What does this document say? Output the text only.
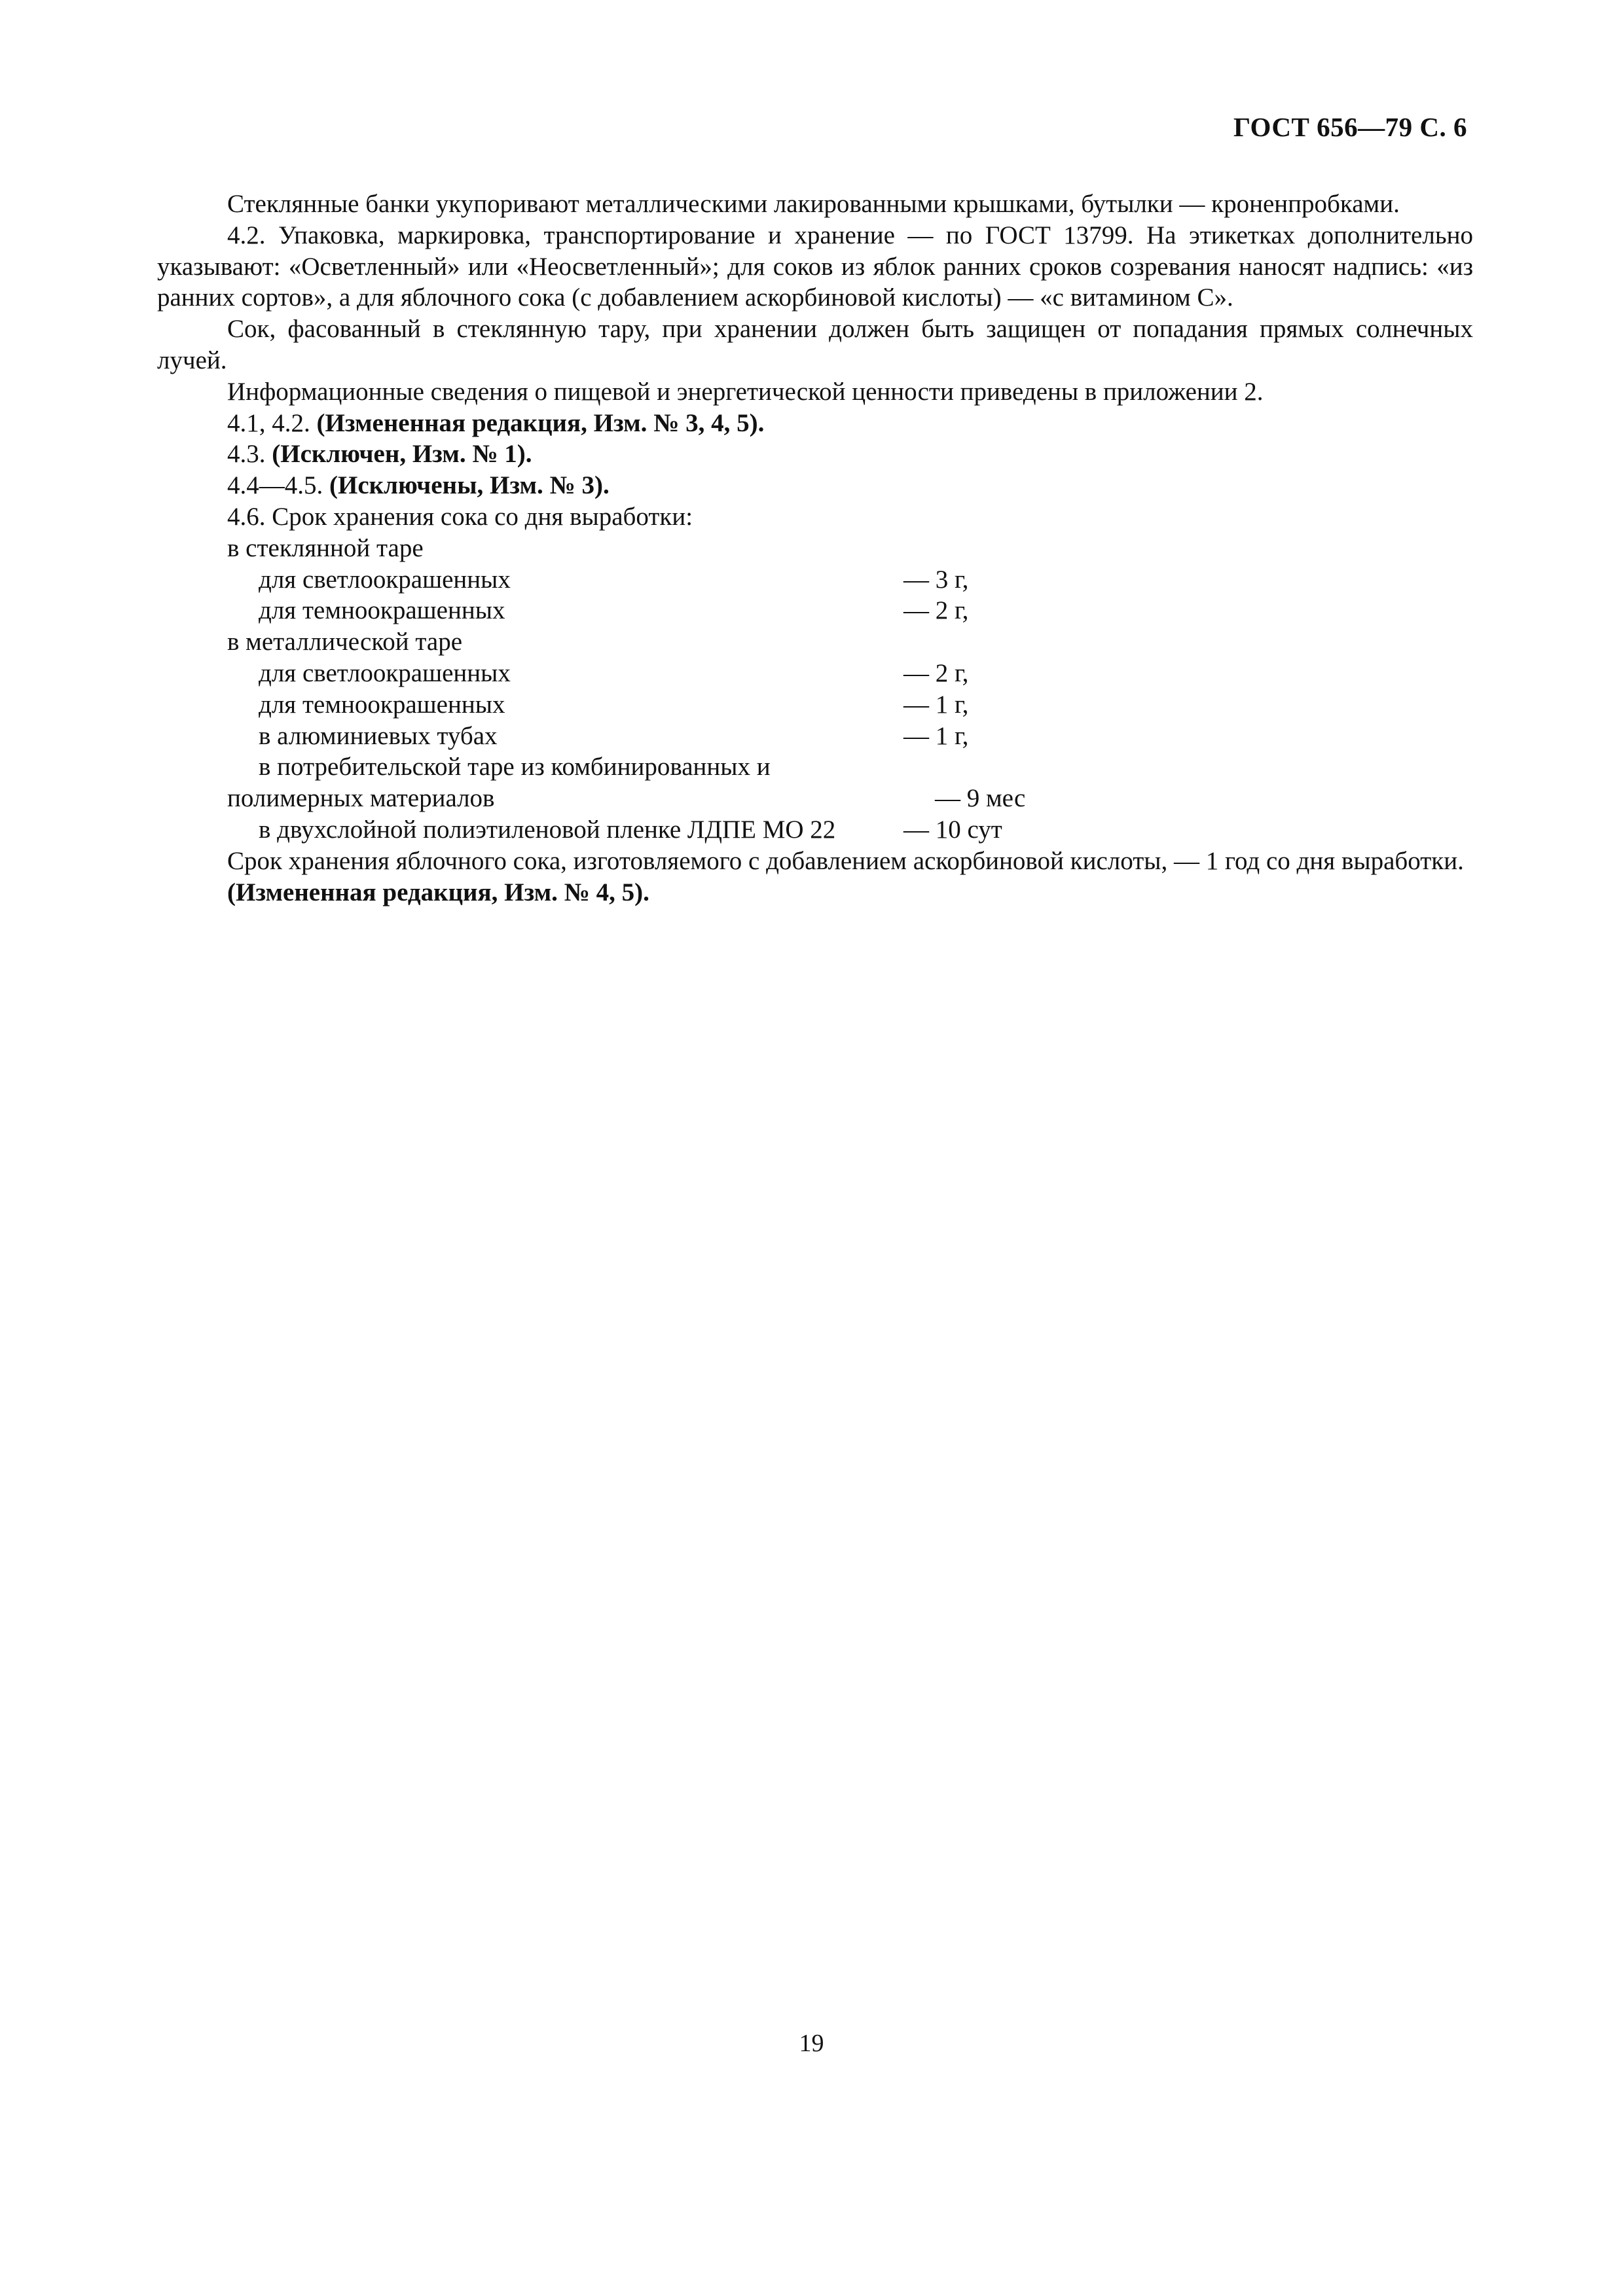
ГОСТ 656—79 С. 6

Стеклянные банки укупоривают металлическими лакированными крышками, бутылки — кроненпробками.

4.2. Упаковка, маркировка, транспортирование и хранение — по ГОСТ 13799. На этикетках дополнительно указывают: «Осветленный» или «Неосветленный»; для соков из яблок ранних сроков созревания наносят надпись: «из ранних сортов», а для яблочного сока (с добавлением аскорбиновой кислоты) — «с витамином С».

Сок, фасованный в стеклянную тару, при хранении должен быть защищен от попадания прямых солнечных лучей.

Информационные сведения о пищевой и энергетической ценности приведены в приложении 2.

4.1, 4.2. (Измененная редакция, Изм. № 3, 4, 5).

4.3. (Исключен, Изм. № 1).

4.4—4.5. (Исключены, Изм. № 3).

4.6. Срок хранения сока со дня выработки:

в стеклянной таре
для светлоокрашенных	— 3 г,
для темноокрашенных	— 2 г,
в металлической таре
для светлоокрашенных	— 2 г,
для темноокрашенных	— 1 г,
в алюминиевых тубах	— 1 г,
в потребительской таре из комбинированных и
полимерных материалов	— 9 мес
в двухслойной полиэтиленовой пленке ЛДПЕ МО 22	— 10 сут

Срок хранения яблочного сока, изготовляемого с добавлением аскорбиновой кислоты, — 1 год со дня выработки.

(Измененная редакция, Изм. № 4, 5).

19
